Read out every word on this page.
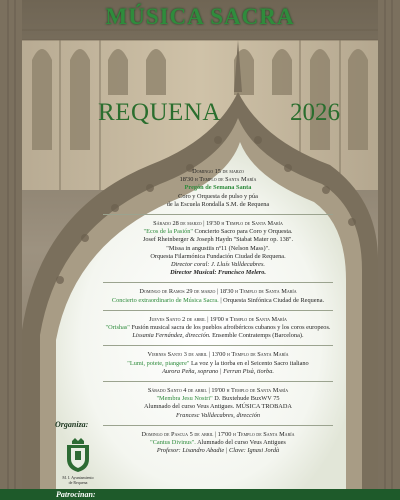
MÚSICA SACRA
REQUENA	2026
Domingo 15 de marzo
18'30 h Templo de Santa María
Pregón de Semana Santa
Coro y Orquesta de pulso y púa
de la Escuela Rondalla S.M. de Requena
Sábado 28 de marzo | 19'30 h Templo de Santa María
"Ecos de la Pasión" Concierto Sacro para Coro y Orquesta.
Josef Rheinberger & Joseph Haydn "Stabat Mater op. 138".
"Missa in angustiis nº11 (Nelson Mass)".
Orquesta Filarmónica Fundación Ciudad de Requena.
Director coral: J. Lluís Valldecabres.
Director Musical: Francisco Melero.
Domingo de Ramos 29 de marzo | 18'30 h Templo de Santa María
Concierto extraordinario de Música Sacra. | Orquesta Sinfónica Ciudad de Requena.
Jueves Santo 2 de abril | 19'00 h Templo de Santa María
"Orishas" Fusión musical sacra de los pueblos afroibéricos cubanos y los coros europeos.
Lissania Fernández, dirección. Ensemble Contratemps (Barcelona).
Viernes Santo 3 de abril | 13'00 h Templo de Santa María
"Lumi, potete, piangere" La voz y la tiorba en el Seicento Sacro italiano
Aurora Peña, soprano | Ferran Pisà, tiorba.
Sábado Santo 4 de abril | 19'00 h Templo de Santa María
"Membra Jesu Nostri" D. Buxtehude BuxWV 75
Alumnado del curso Veus Antigues. MÚSICA TROBADA
Francesc Valldecabres, dirección
Domingo de Pascua 5 de abril | 17'00 h Templo de Santa María
"Cantus Divinus". Alumnado del curso Veus Antigues
Profesor: Lisandro Abadie | Clave: Ignasi Jordà
Organiza:
M. I. Ayuntamiento
de Requena
Patrocinan:
